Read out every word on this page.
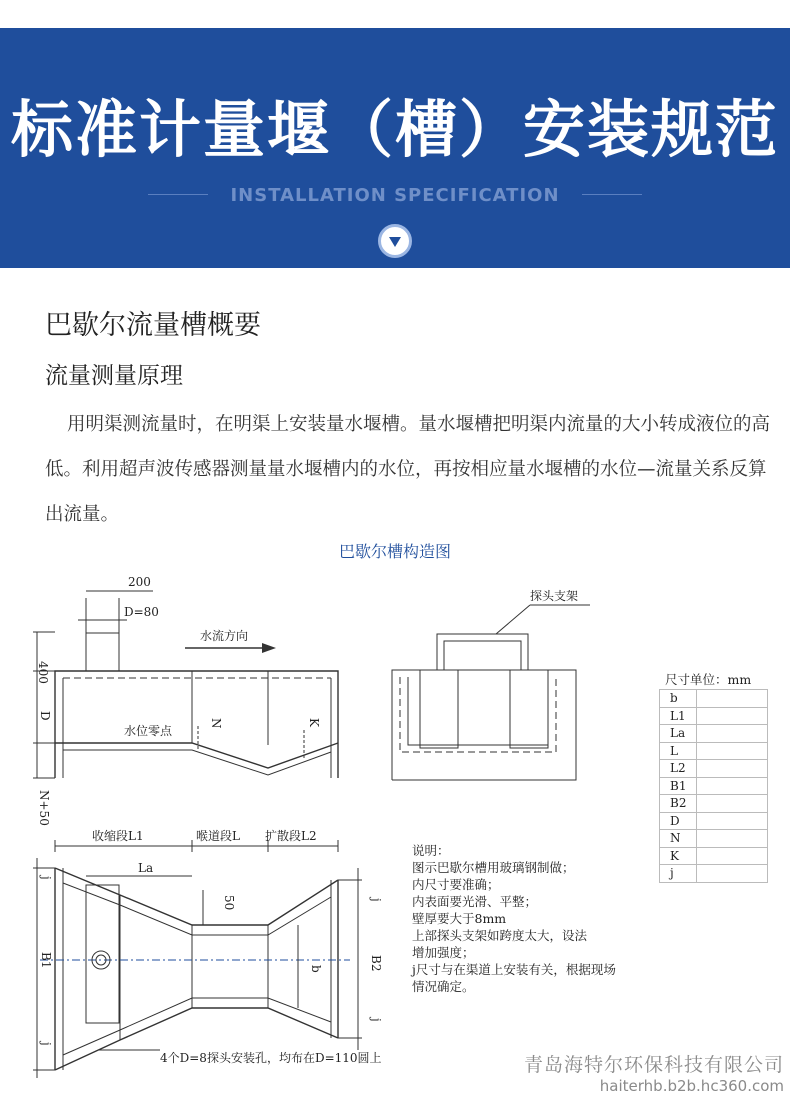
标准计量堰（槽）安装规范
INSTALLATION SPECIFICATION
巴歇尔流量槽概要
流量测量原理
用明渠测流量时，在明渠上安装量水堰槽。量水堰槽把明渠内流量的大小转成液位的高低。利用超声波传感器测量量水堰槽内的水位，再按相应量水堰槽的水位—流量关系反算出流量。
巴歇尔槽构造图
200
D=80
水流方向
400
D
水位零点
N	K
N+50
探头支架
收缩段L1	喉道段L 扩散段L2
La
50
j
B1
j
j
B2
j
b
4个D=8探头安装孔，均布在D=110圆上
尺寸单位：mm
b	
L1	
La	
L	
L2	
B1	
B2	
D	
N	
K	
j	
说明：
图示巴歇尔槽用玻璃钢制做；
内尺寸要准确；
内表面要光滑、平整；
壁厚要大于8mm
上部探头支架如跨度太大，设法
增加强度；
j尺寸与在渠道上安装有关，根据现场
情况确定。
青岛海特尔环保科技有限公司
haiterhb.b2b.hc360.com
